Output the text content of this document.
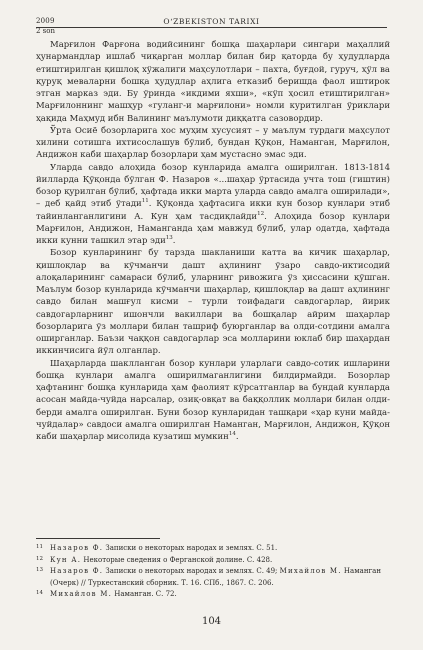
2009	O‘ZBEKISTON TARIXI
2 son

Марғилон Фарғона водийсининг бошқа шаҳарлари сингари маҳаллий ҳунармандлар ишлаб чиқарган моллар билан бир қаторда бу ҳудудларда етиштирилган қишлоқ хўжалиги маҳсулотлари – пахта, буғдой, гуруч, ҳўл ва қуруқ меваларни бошқа ҳудудлар аҳлига етказиб беришда фаол иштирок этган марказ эди. Бу ўринда «икдими яхши», «кўп ҳосил етиштирилган» Марғилоннинг машҳур «гуланг-и марғилони» номли куритилган ўриклари ҳақида Маҳмуд ибн Валининг маълумоти диққатга сазовордир.

Ўрта Осиё бозорларига хос муҳим хусусият – у маълум турдаги маҳсулот хилини сотишга ихтисослашув бўлиб, бундан Қўқон, Наманган, Марғилон, Андижон каби шаҳарлар бозорлари ҳам мустасно эмас эди.

Уларда савдо алоҳида бозор кунларида амалга оширилган. 1813-1814 йилларда Қўқонда бўлган Ф. Назаров «...шаҳар ўртасида учта тош (гиштин) бозор қурилган бўлиб, ҳафтада икки марта уларда савдо амалга оширилади», – деб қайд этиб ўтади$^{11}$. Қўқонда ҳафтасига икки кун бозор кунлари этиб тайинланганлигини А. Кун ҳам тасдиқлайди$^{12}$. Алоҳида бозор кунлари Марғилон, Андижон, Наманганда ҳам мавжуд бўлиб, улар одатда, ҳафтада икки кунни ташкил этар эди$^{13}$.

Бозор кунларининг бу тарзда шакланиши катта ва кичик шаҳарлар, қишлоқлар ва кўчманчи дашт аҳлининг ўзаро савдо-иктисодий алоқаларининг самараси бўлиб, уларнинг ривожига ўз ҳиссасини қўшган. Маълум бозор кунларида кўчманчи шаҳарлар, қишлоқлар ва дашт аҳлининг савдо билан машғул кисми – турли тоифадаги савдогарлар, йирик савдогарларнинг ишончли вакиллари ва бошқалар айрим шаҳарлар бозорларига ўз моллари билан ташриф буюрганлар ва олди-сотдини амалга оширганлар. Баъзи чаққон савдогарлар эса молларини юклаб бир шаҳардан иккинчисига йўл олганлар.

Шаҳарларда шаклланган бозор кунлари уларлаги савдо-сотик ишларини бошқа кунлари амалга оширилмаганлигини билдирмайди. Бозорлар ҳафтанинг бошқа кунларида ҳам фаолият кўрсатганлар ва бундай кунларда асосан майда-чуйда нарсалар, озиқ-овқат ва баққоллик моллари билан олди-берди амалга оширилган. Буни бозор кунларидан ташқари «ҳар куни майда-чуйдалар» савдоси амалга оширилган Наманган, Марғилон, Андижон, Қўқон каби шаҳарлар мисолида кузатиш мумкин$^{14}$.

11 Назаров Ф. Записки о некоторых народах и землях. С. 51.
12 Кун А. Некоторые сведения о Ферганской долине. С. 428.
13 Назаров Ф. Записки о некоторых народах и землях. С. 49; Михайлов М. Наманган (Очерк) // Туркестанский сборник. Т. 16. СПб., 1867. С. 206.
14 Михайлов М. Наманган. С. 72.
104
